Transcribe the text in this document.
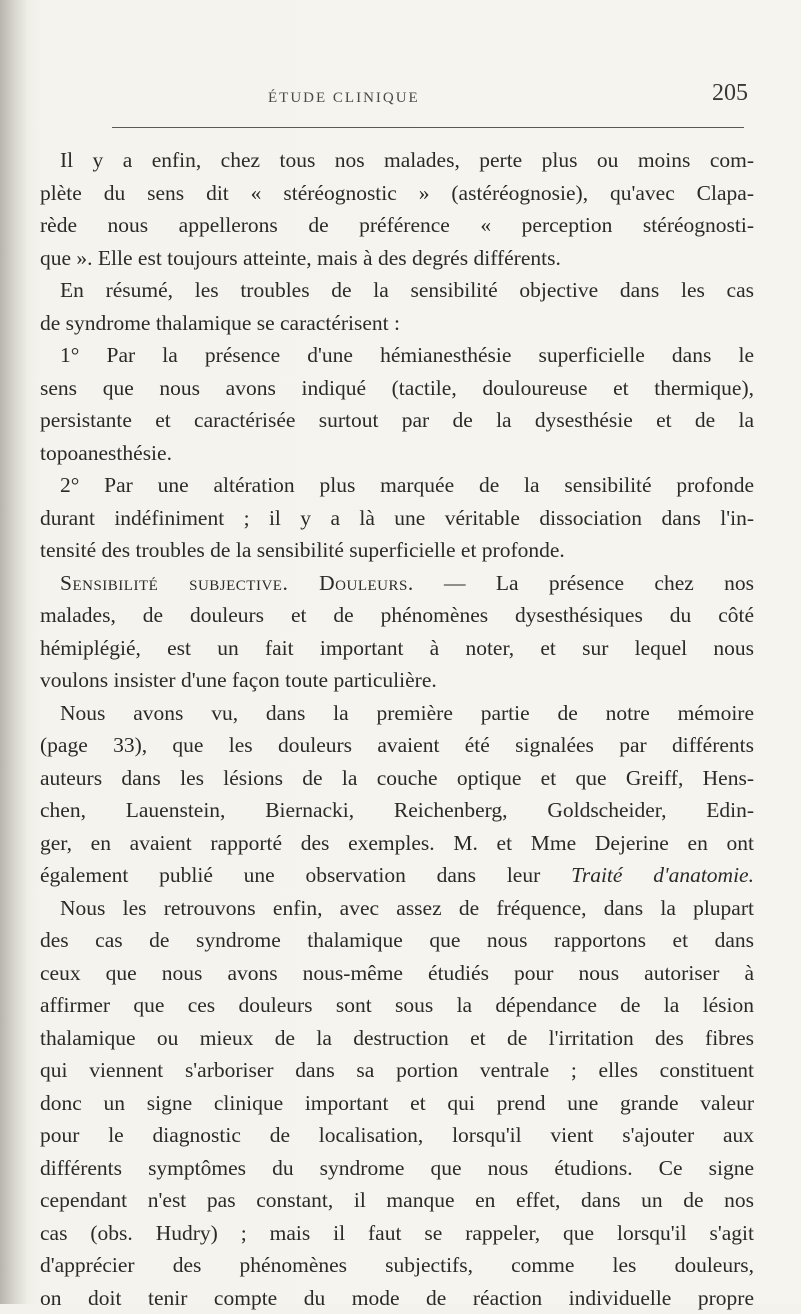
ÉTUDE CLINIQUE	205
Il y a enfin, chez tous nos malades, perte plus ou moins com-
plète du sens dit « stéréognostic » (astéréognosie), qu'avec Clapa-
rède nous appellerons de préférence « perception stéréognosti-
que ». Elle est toujours atteinte, mais à des degrés différents.
En résumé, les troubles de la sensibilité objective dans les cas
de syndrome thalamique se caractérisent :
1° Par la présence d'une hémianesthésie superficielle dans le
sens que nous avons indiqué (tactile, douloureuse et thermique),
persistante et caractérisée surtout par de la dysesthésie et de la
topoanesthésie.
2° Par une altération plus marquée de la sensibilité profonde
durant indéfiniment ; il y a là une véritable dissociation dans l'in-
tensité des troubles de la sensibilité superficielle et profonde.
Sensibilité subjective. Douleurs. — La présence chez nos
malades, de douleurs et de phénomènes dysesthésiques du côté
hémiplégié, est un fait important à noter, et sur lequel nous
voulons insister d'une façon toute particulière.
Nous avons vu, dans la première partie de notre mémoire
(page 33), que les douleurs avaient été signalées par différents
auteurs dans les lésions de la couche optique et que Greiff, Hens-
chen, Lauenstein, Biernacki, Reichenberg, Goldscheider, Edin-
ger, en avaient rapporté des exemples. M. et Mme Dejerine en ont
également publié une observation dans leur Traité d'anatomie.
Nous les retrouvons enfin, avec assez de fréquence, dans la plupart
des cas de syndrome thalamique que nous rapportons et dans
ceux que nous avons nous-même étudiés pour nous autoriser à
affirmer que ces douleurs sont sous la dépendance de la lésion
thalamique ou mieux de la destruction et de l'irritation des fibres
qui viennent s'arboriser dans sa portion ventrale ; elles constituent
donc un signe clinique important et qui prend une grande valeur
pour le diagnostic de localisation, lorsqu'il vient s'ajouter aux
différents symptômes du syndrome que nous étudions. Ce signe
cependant n'est pas constant, il manque en effet, dans un de nos
cas (obs. Hudry) ; mais il faut se rappeler, que lorsqu'il s'agit
d'apprécier des phénomènes subjectifs, comme les douleurs,
on doit tenir compte du mode de réaction individuelle propre
